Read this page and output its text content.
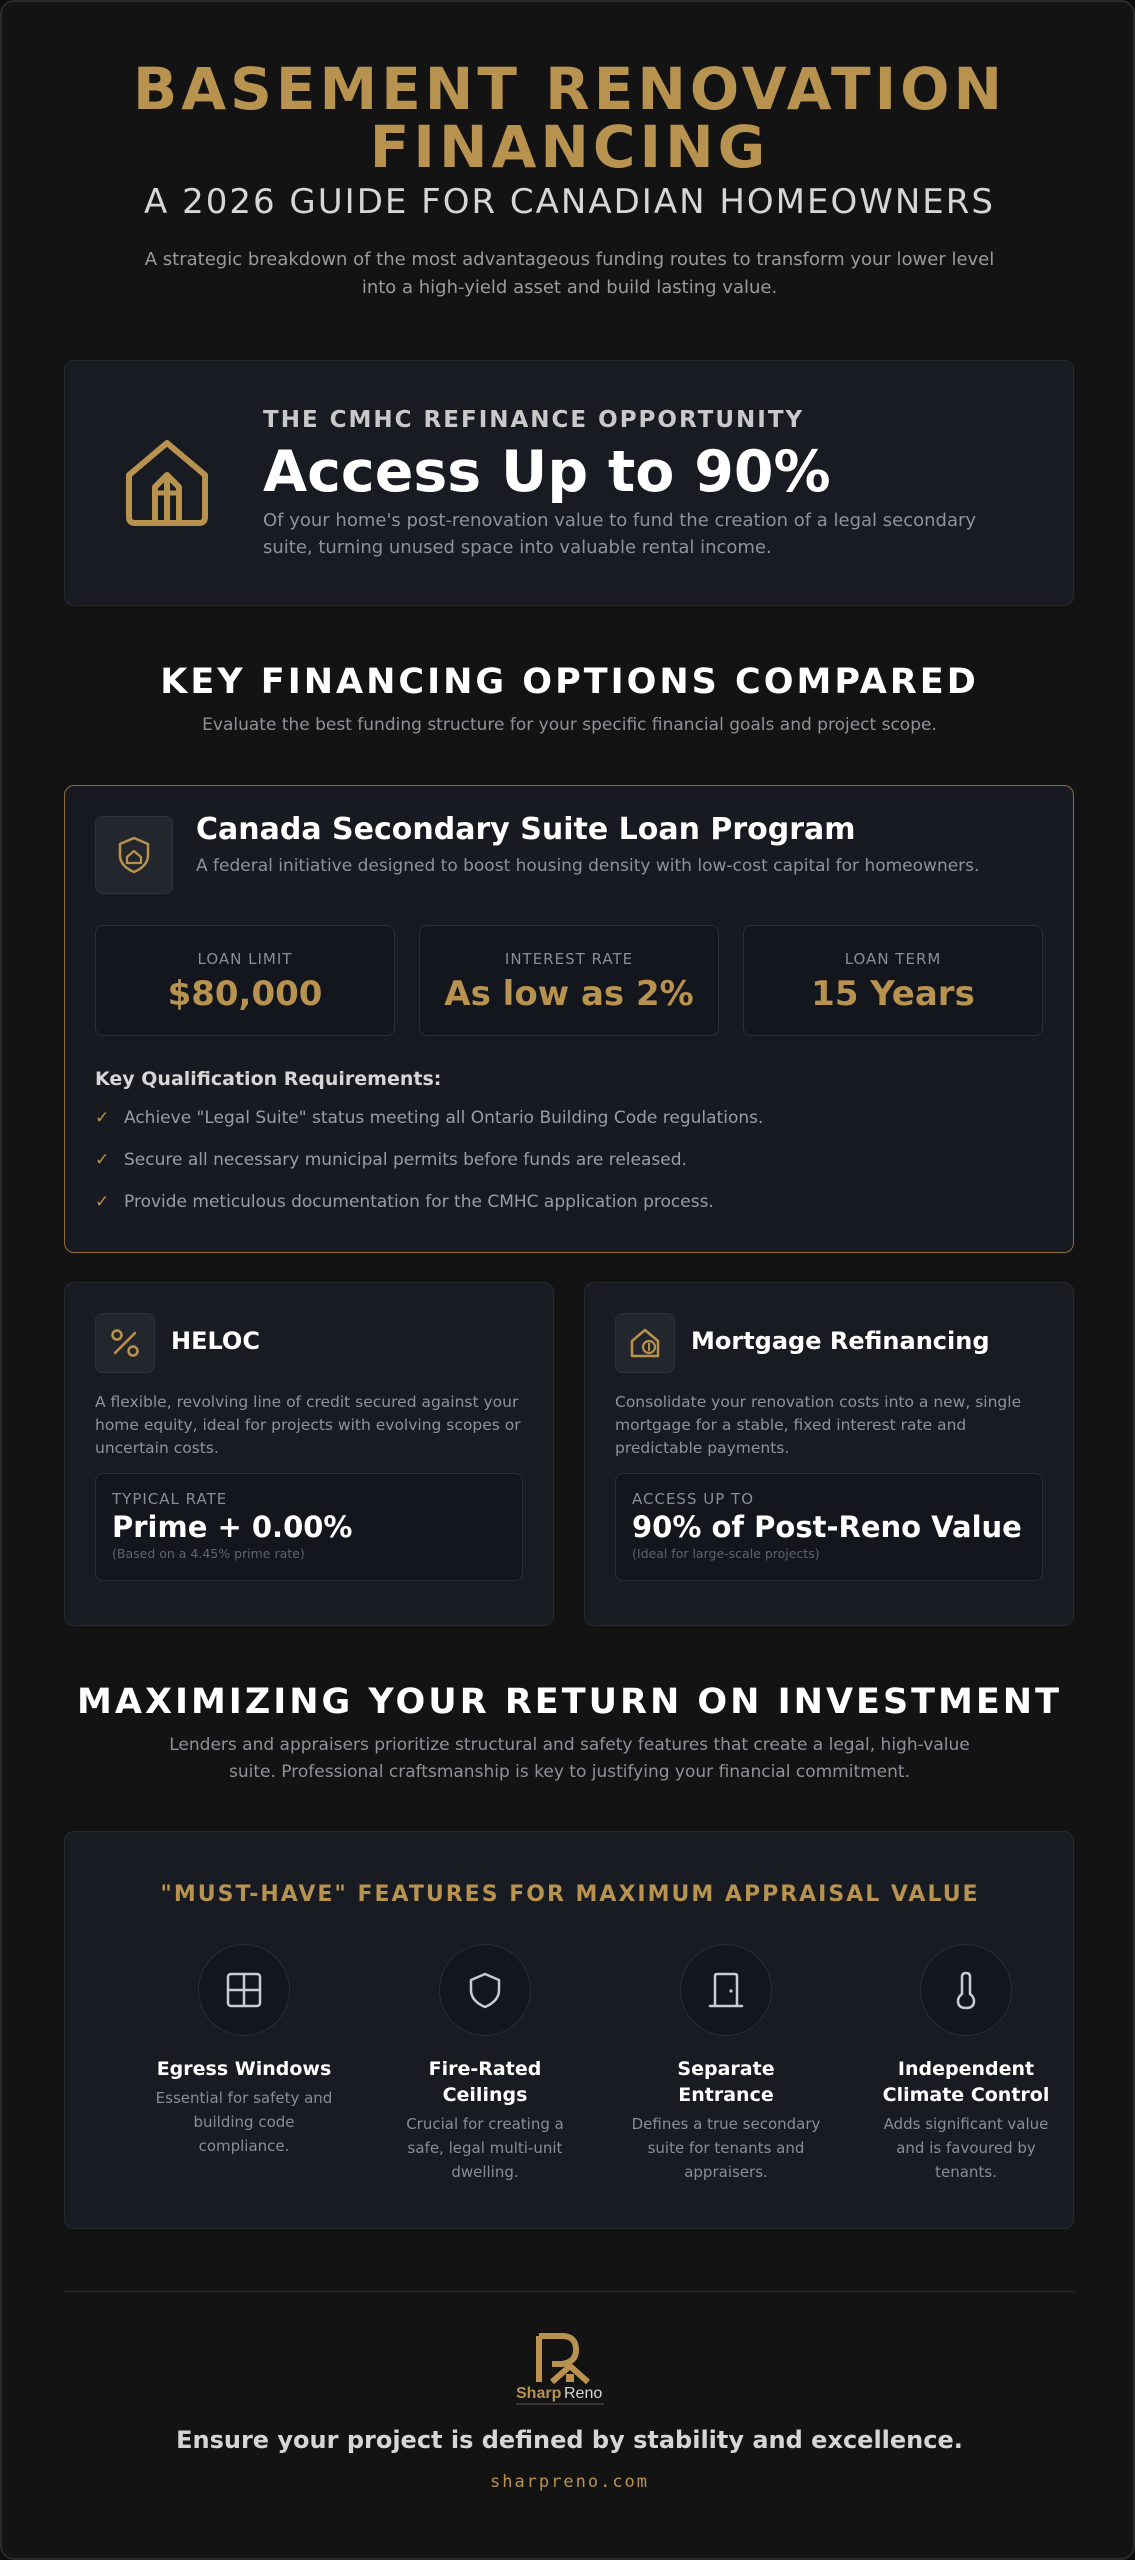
BASEMENT RENOVATION
FINANCING
A 2026 GUIDE FOR CANADIAN HOMEOWNERS
A strategic breakdown of the most advantageous funding routes to transform your lower level into a high-yield asset and build lasting value.
THE CMHC REFINANCE OPPORTUNITY
Access Up to 90%
Of your home's post-renovation value to fund the creation of a legal secondary suite, turning unused space into valuable rental income.
KEY FINANCING OPTIONS COMPARED
Evaluate the best funding structure for your specific financial goals and project scope.
Canada Secondary Suite Loan Program
A federal initiative designed to boost housing density with low-cost capital for homeowners.
LOAN LIMIT
$80,000
INTEREST RATE
As low as 2%
LOAN TERM
15 Years
Key Qualification Requirements:
✓ Achieve "Legal Suite" status meeting all Ontario Building Code regulations.
✓ Secure all necessary municipal permits before funds are released.
✓ Provide meticulous documentation for the CMHC application process.
HELOC
A flexible, revolving line of credit secured against your home equity, ideal for projects with evolving scopes or uncertain costs.
TYPICAL RATE
Prime + 0.00%
(Based on a 4.45% prime rate)
Mortgage Refinancing
Consolidate your renovation costs into a new, single mortgage for a stable, fixed interest rate and predictable payments.
ACCESS UP TO
90% of Post-Reno Value
(Ideal for large-scale projects)
MAXIMIZING YOUR RETURN ON INVESTMENT
Lenders and appraisers prioritize structural and safety features that create a legal, high-value suite. Professional craftsmanship is key to justifying your financial commitment.
"MUST-HAVE" FEATURES FOR MAXIMUM APPRAISAL VALUE
Egress Windows
Essential for safety and building code compliance.
Fire-Rated Ceilings
Crucial for creating a safe, legal multi-unit dwelling.
Separate Entrance
Defines a true secondary suite for tenants and appraisers.
Independent Climate Control
Adds significant value and is favoured by tenants.
Sharp Reno
Ensure your project is defined by stability and excellence.
sharpreno.com
